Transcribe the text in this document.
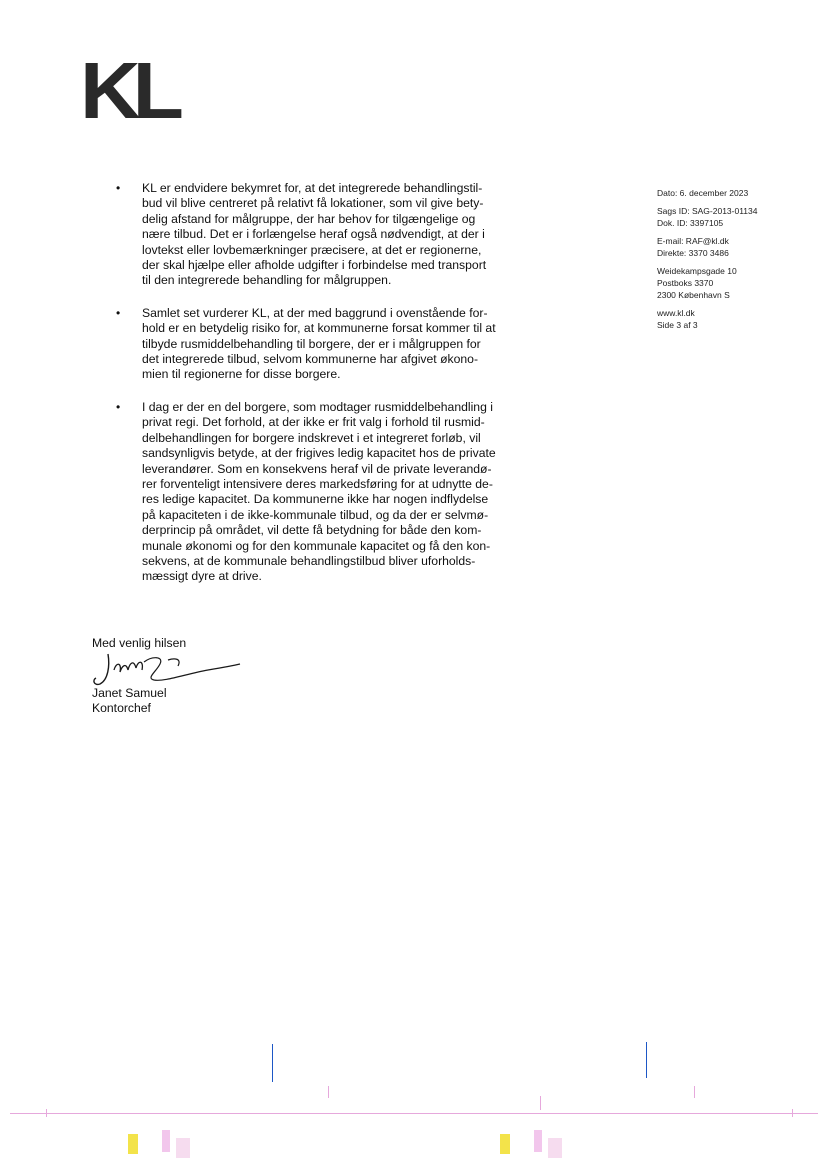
KL
Dato: 6. december 2023
Sags ID: SAG-2013-01134
Dok. ID: 3397105
E-mail: RAF@kl.dk
Direkte: 3370 3486
Weidekampsgade 10
Postboks 3370
2300 København S
www.kl.dk
Side 3 af 3
• KL er endvidere bekymret for, at det integrerede behandlingstil-
bud vil blive centreret på relativt få lokationer, som vil give bety-
delig afstand for målgruppe, der har behov for tilgængelige og
nære tilbud. Det er i forlængelse heraf også nødvendigt, at der i
lovtekst eller lovbemærkninger præcisere, at det er regionerne,
der skal hjælpe eller afholde udgifter i forbindelse med transport
til den integrerede behandling for målgruppen.
• Samlet set vurderer KL, at der med baggrund i ovenstående for-
hold er en betydelig risiko for, at kommunerne forsat kommer til at
tilbyde rusmiddelbehandling til borgere, der er i målgruppen for
det integrerede tilbud, selvom kommunerne har afgivet økono-
mien til regionerne for disse borgere.
• I dag er der en del borgere, som modtager rusmiddelbehandling i
privat regi. Det forhold, at der ikke er frit valg i forhold til rusmid-
delbehandlingen for borgere indskrevet i et integreret forløb, vil
sandsynligvis betyde, at der frigives ledig kapacitet hos de private
leverandører. Som en konsekvens heraf vil de private leverandø-
rer forventeligt intensivere deres markedsføring for at udnytte de-
res ledige kapacitet. Da kommunerne ikke har nogen indflydelse
på kapaciteten i de ikke-kommunale tilbud, og da der er selvmø-
derprincip på området, vil dette få betydning for både den kom-
munale økonomi og for den kommunale kapacitet og få den kon-
sekvens, at de kommunale behandlingstilbud bliver uforholds-
mæssigt dyre at drive.
Med venlig hilsen
Janet Samuel
Kontorchef
